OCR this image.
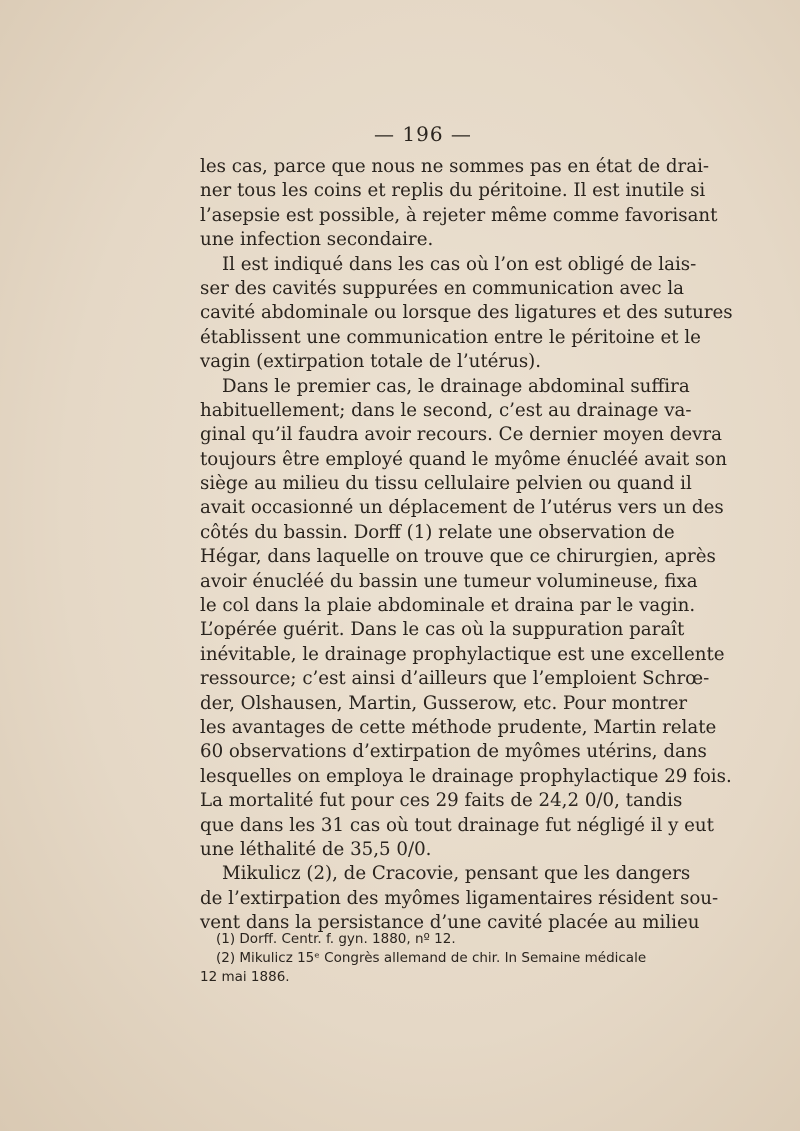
— 196 —
les cas, parce que nous ne sommes pas en état de drai-
ner tous les coins et replis du péritoine. Il est inutile si
l’asepsie est possible, à rejeter même comme favorisant
une infection secondaire.
Il est indiqué dans les cas où l’on est obligé de lais-
ser des cavités suppurées en communication avec la
cavité abdominale ou lorsque des ligatures et des sutures
établissent une communication entre le péritoine et le
vagin (extirpation totale de l’utérus).
Dans le premier cas, le drainage abdominal suffira
habituellement; dans le second, c’est au drainage va-
ginal qu’il faudra avoir recours. Ce dernier moyen devra
toujours être employé quand le myôme énucléé avait son
siège au milieu du tissu cellulaire pelvien ou quand il
avait occasionné un déplacement de l’utérus vers un des
côtés du bassin. Dorff (1) relate une observation de
Hégar, dans laquelle on trouve que ce chirurgien, après
avoir énucléé du bassin une tumeur volumineuse, fixa
le col dans la plaie abdominale et draina par le vagin.
L’opérée guérit. Dans le cas où la suppuration paraît
inévitable, le drainage prophylactique est une excellente
ressource; c’est ainsi d’ailleurs que l’emploient Schrœ-
der, Olshausen, Martin, Gusserow, etc. Pour montrer
les avantages de cette méthode prudente, Martin relate
60 observations d’extirpation de myômes utérins, dans
lesquelles on employa le drainage prophylactique 29 fois.
La mortalité fut pour ces 29 faits de 24,2 0/0, tandis
que dans les 31 cas où tout drainage fut négligé il y eut
une léthalité de 35,5 0/0.
Mikulicz (2), de Cracovie, pensant que les dangers
de l’extirpation des myômes ligamentaires résident sou-
vent dans la persistance d’une cavité placée au milieu
(1) Dorff. Centr. f. gyn. 1880, nº 12.
(2) Mikulicz 15ᵉ Congrès allemand de chir. In Semaine médicale
12 mai 1886.
